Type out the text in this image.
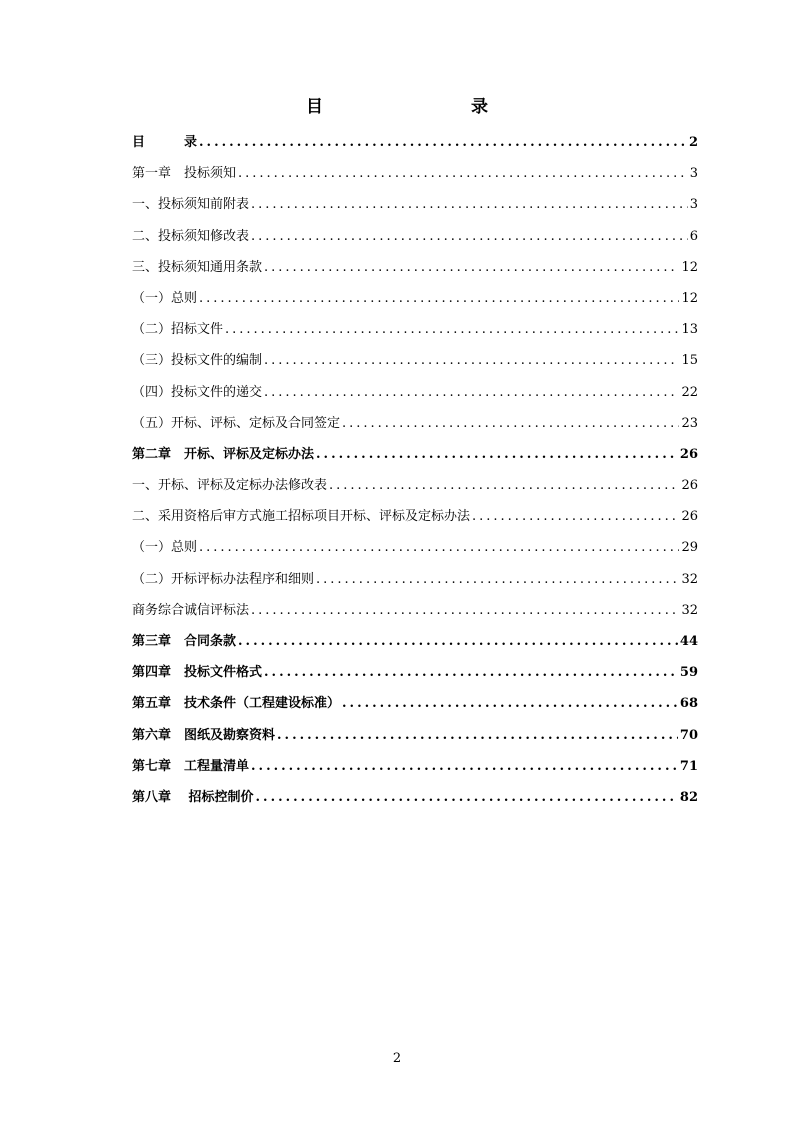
目　　录
目　　　录 .....	2
第一章　投标须知 .....	3
一、投标须知前附表 .....	3
二、投标须知修改表 .....	6
三、投标须知通用条款 .....	12
（一）总则 .....	12
（二）招标文件 .....	13
（三）投标文件的编制 .....	15
（四）投标文件的递交 .....	22
（五）开标、评标、定标及合同签定 .....	23
第二章　开标、评标及定标办法 .....	26
一、开标、评标及定标办法修改表 .....	26
二、采用资格后审方式施工招标项目开标、评标及定标办法 .....	26
（一）总则 .....	29
（二）开标评标办法程序和细则 .....	32
商务综合诚信评标法 .....	32
第三章　合同条款 .....	44
第四章　投标文件格式 .....	59
第五章　技术条件（工程建设标准） .....	68
第六章　图纸及勘察资料 .....	70
第七章　工程量清单 .....	71
第八章　 招标控制价 .....	82
2
